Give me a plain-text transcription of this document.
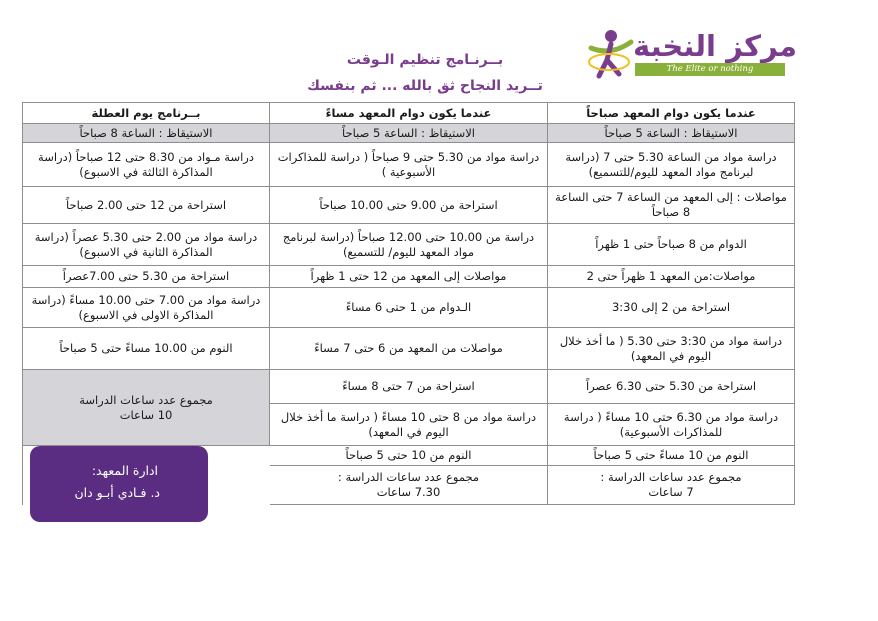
مركز النخبة
The Elite or nothing
بــرنـامج تنظيم الـوقت
تــريد النجاح ثق بالله ... ثم بنفسك
عندما يكون دوام المعهد صباحاً
عندما يكون دوام المعهد مساءً
بــرنامج يوم العطلة
الاستيقاظ : الساعة 5 صباحاً
الاستيقاظ : الساعة 5 صباحاً
الاستيقاظ : الساعة 8 صباحاً
دراسة مواد من الساعة 5.30 حتى 7 (دراسة لبرنامج مواد المعهد لليوم/للتسميع)
دراسة مواد من 5.30 حتى 9 صباحاً ( دراسة للمذاكرات الأسبوعية )
دراسة مـواد من 8.30 حتى 12 صباحاً (دراسة المذاكرة الثالثة في الاسبوع)
مواصلات : إلى المعهد من الساعة 7 حتى الساعة 8 صباحاً
استراحة من 9.00 حتى 10.00 صباحاً
استراحة من 12 حتى 2.00 صباحاً
الدوام من 8 صباحاً حتى 1 ظهراً
دراسة من 10.00 حتى 12.00 صباحاً (دراسة لبرنامج مواد المعهد لليوم/ للتسميع)
دراسة مواد من 2.00 حتى 5.30 عصراً (دراسة المذاكرة الثانية في الاسبوع)
مواصلات:من المعهد 1 ظهراً حتى 2
مواصلات إلى المعهد من 12 حتى 1 ظهراً
استراحة من 5.30 حتى 7.00عصراً
استراحة من 2 إلى 3:30
الـدوام من 1 حتى 6 مساءً
دراسة مواد من 7.00 حتى 10.00 مساءً (دراسة المذاكرة الاولى في الاسبوع)
دراسة مواد من 3:30 حتى 5.30 ( ما أخذ خلال اليوم في المعهد)
مواصلات من المعهد من 6 حتى 7 مساءً
النوم من 10.00 مساءً حتى 5 صباحاً
استراحة من 5.30 حتى 6.30 عصراً
استراحة من 7 حتى 8 مساءً
مجموع عدد ساعات الدراسة
10 ساعات	دراسة مواد من 6.30 حتى 10 مساءً ( دراسة للمذاكرات الأسبوعية)
دراسة مواد من 8 حتى 10 مساءً ( دراسة ما أخذ خلال اليوم في المعهد)
النوم من 10 مساءً حتى 5 صباحاً
النوم من 10 حتى 5 صباحاً
مجموع عدد ساعات الدراسة :
7 ساعات
مجموع عدد ساعات الدراسة :
7.30 ساعات
ادارة المعهد:
د. فـادي أبـو دان
